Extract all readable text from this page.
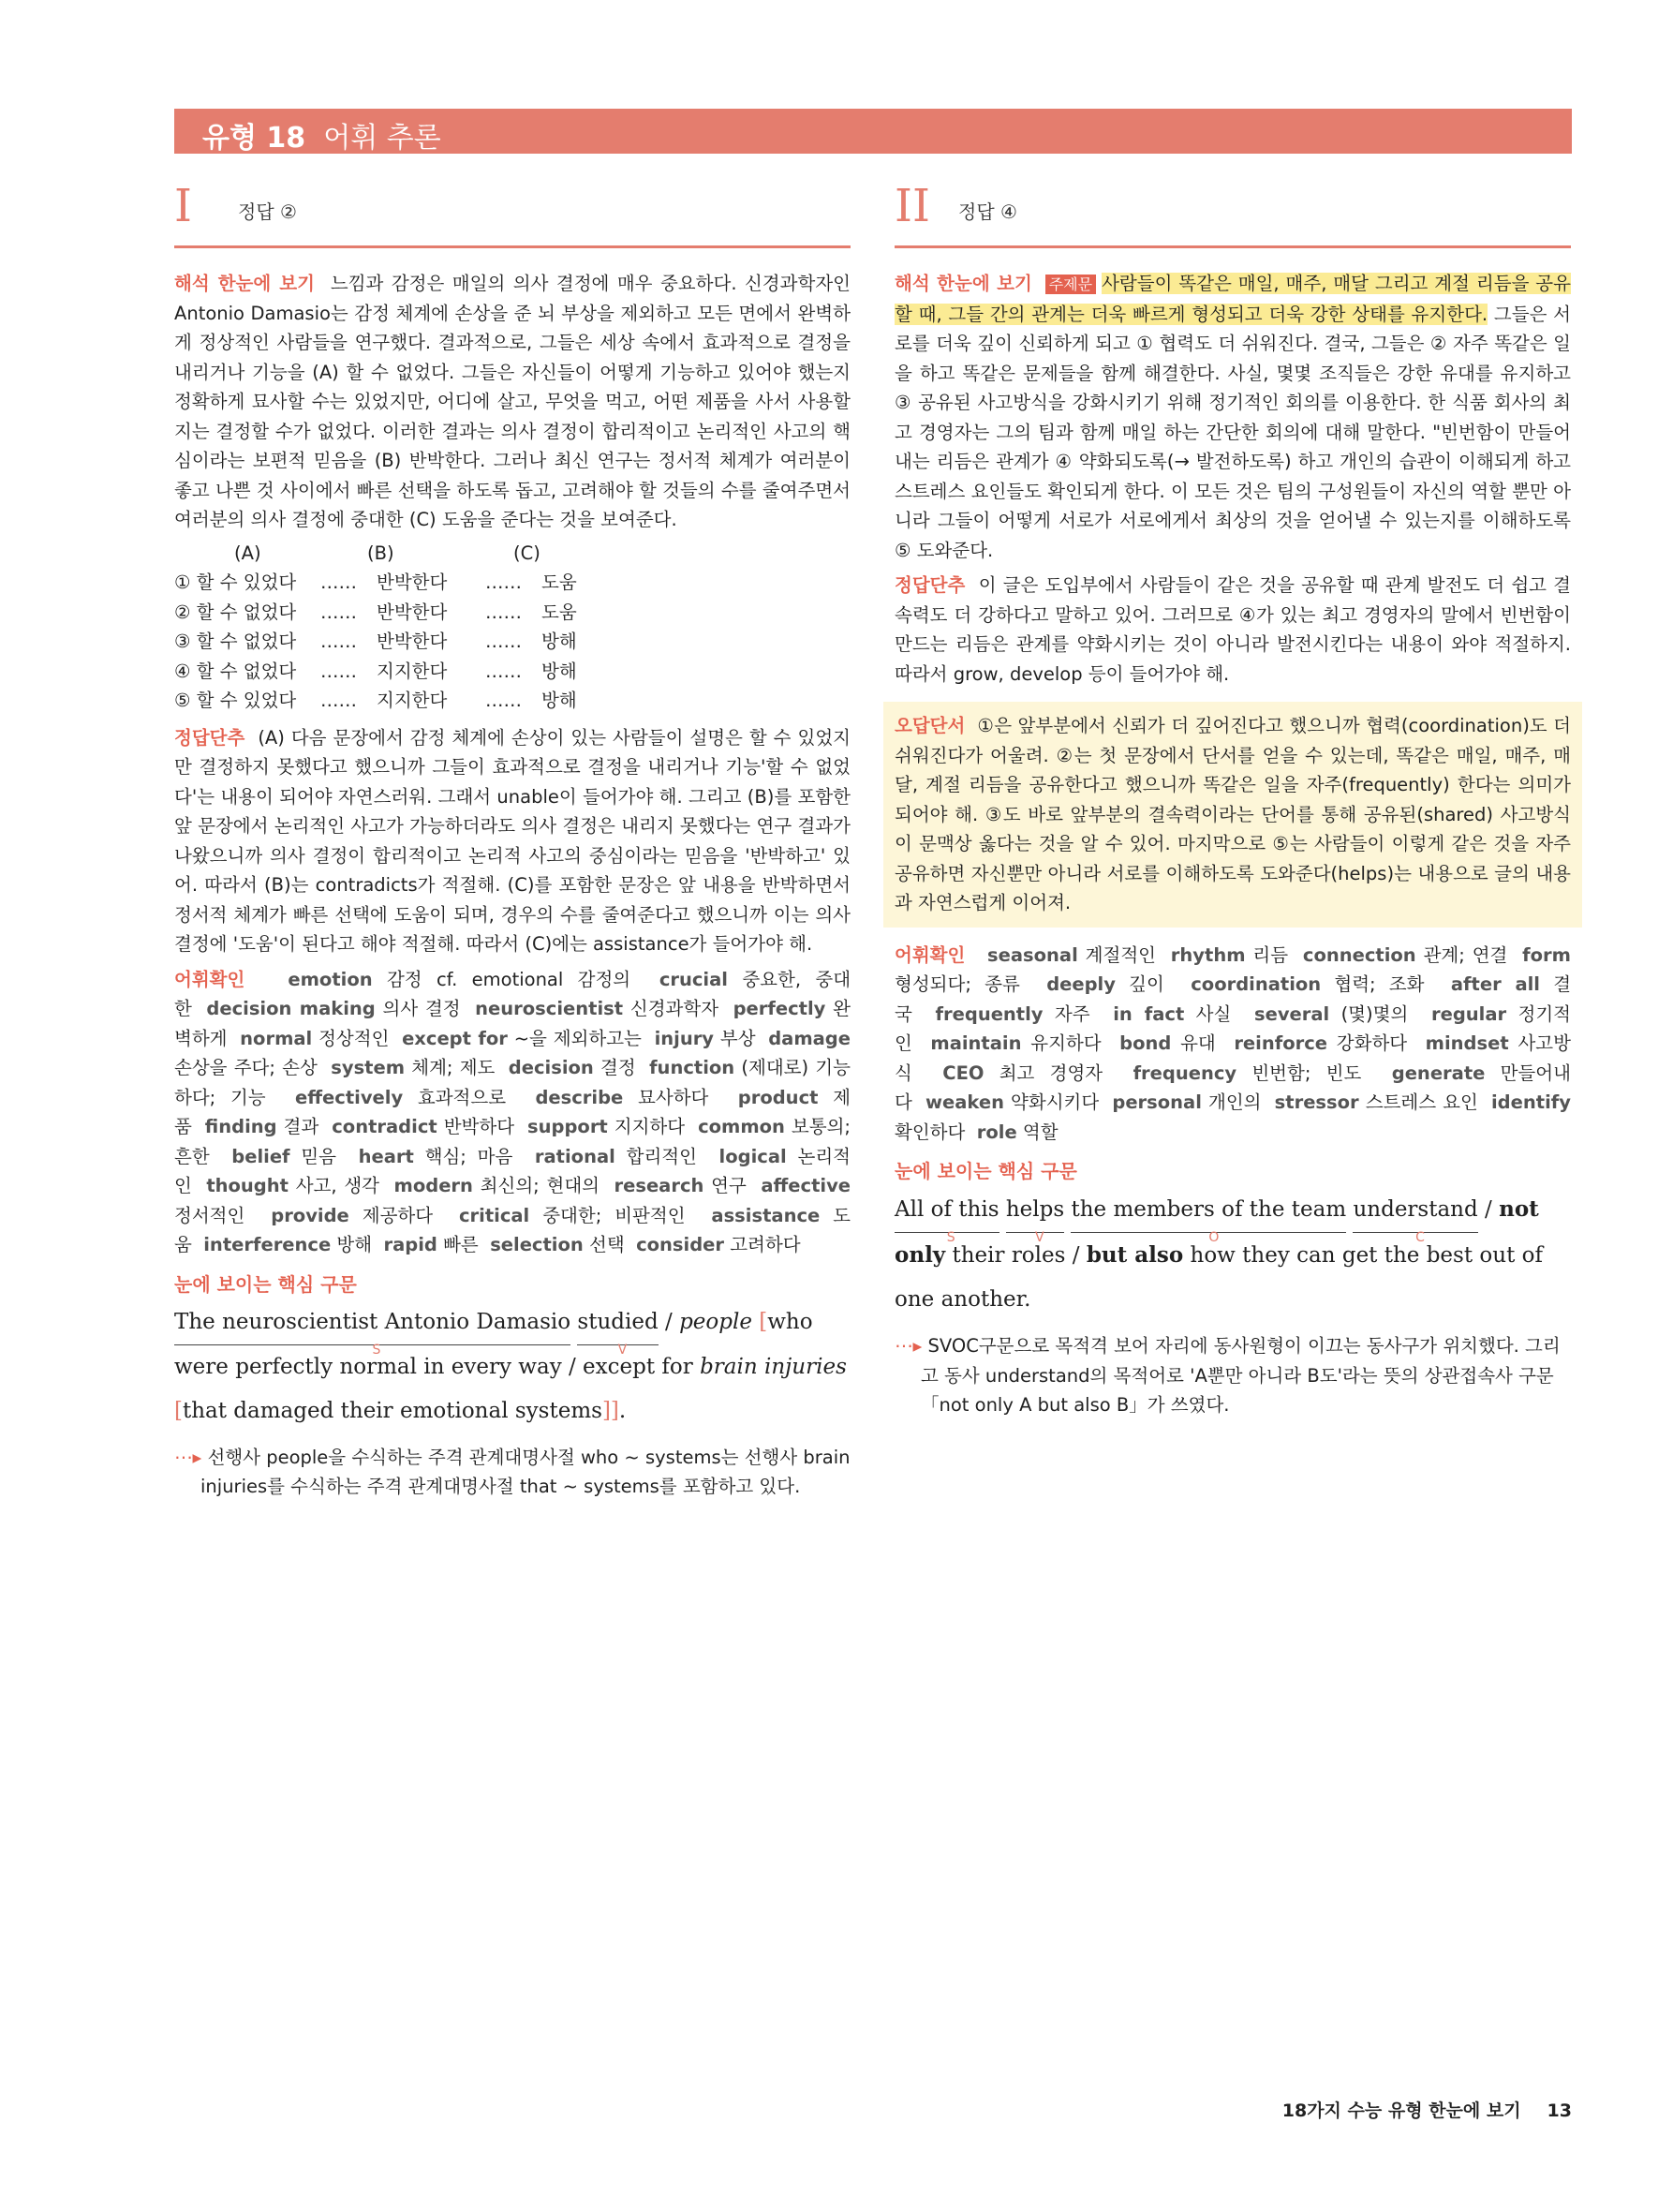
유형 18 어휘 추론
I 정답 ②

해석 한눈에 보기 느낌과 감정은 매일의 의사 결정에 매우 중요하다. 신경과학자인 Antonio Damasio는 감정 체계에 손상을 준 뇌 부상을 제외하고 모든 면에서 완벽하게 정상적인 사람들을 연구했다. 결과적으로, 그들은 세상 속에서 효과적으로 결정을 내리거나 기능을 (A) 할 수 없었다. 그들은 자신들이 어떻게 기능하고 있어야 했는지 정확하게 묘사할 수는 있었지만, 어디에 살고, 무엇을 먹고, 어떤 제품을 사서 사용할지는 결정할 수가 없었다. 이러한 결과는 의사 결정이 합리적이고 논리적인 사고의 핵심이라는 보편적 믿음을 (B) 반박한다. 그러나 최신 연구는 정서적 체계가 여러분이 좋고 나쁜 것 사이에서 빠른 선택을 하도록 돕고, 고려해야 할 것들의 수를 줄여주면서 여러분의 의사 결정에 중대한 (C) 도움을 준다는 것을 보여준다.

(A)	(B)	(C)
① 할 수 있었다	……	반박한다	……	도움
② 할 수 없었다	……	반박한다	……	도움
③ 할 수 없었다	……	반박한다	……	방해
④ 할 수 없었다	……	지지한다	……	방해
⑤ 할 수 있었다	……	지지한다	……	방해

정답단추 (A) 다음 문장에서 감정 체계에 손상이 있는 사람들이 설명은 할 수 있었지만 결정하지 못했다고 했으니까 그들이 효과적으로 결정을 내리거나 기능'할 수 없었다'는 내용이 되어야 자연스러워. 그래서 unable이 들어가야 해. 그리고 (B)를 포함한 앞 문장에서 논리적인 사고가 가능하더라도 의사 결정은 내리지 못했다는 연구 결과가 나왔으니까 의사 결정이 합리적이고 논리적 사고의 중심이라는 믿음을 '반박하고' 있어. 따라서 (B)는 contradicts가 적절해. (C)를 포함한 문장은 앞 내용을 반박하면서 정서적 체계가 빠른 선택에 도움이 되며, 경우의 수를 줄여준다고 했으니까 이는 의사 결정에 '도움'이 된다고 해야 적절해. 따라서 (C)에는 assistance가 들어가야 해.

어휘확인 emotion 감정 cf. emotional 감정의 crucial 중요한, 중대한 decision making 의사 결정 neuroscientist 신경과학자 perfectly 완벽하게 normal 정상적인 except for ~을 제외하고는 injury 부상 damage 손상을 주다; 손상 system 체계; 제도 decision 결정 function (제대로) 기능하다; 기능 effectively 효과적으로 describe 묘사하다 product 제품 finding 결과 contradict 반박하다 support 지지하다 common 보통의; 흔한 belief 믿음 heart 핵심; 마음 rational 합리적인 logical 논리적인 thought 사고, 생각 modern 최신의; 현대의 research 연구 affective 정서적인 provide 제공하다 critical 중대한; 비판적인 assistance 도움 interference 방해 rapid 빠른 selection 선택 consider 고려하다

눈에 보이는 핵심 구문

The neuroscientist Antonio Damasio
S
studied
V
/ people [who were perfectly normal in every way / except for brain injuries [that damaged their emotional systems]].

⋯▸ 선행사 people을 수식하는 주격 관계대명사절 who ~ systems는 선행사 brain injuries를 수식하는 주격 관계대명사절 that ~ systems를 포함하고 있다.

II 정답 ④

해석 한눈에 보기 주제문 사람들이 똑같은 매일, 매주, 매달 그리고 계절 리듬을 공유할 때, 그들 간의 관계는 더욱 빠르게 형성되고 더욱 강한 상태를 유지한다. 그들은 서로를 더욱 깊이 신뢰하게 되고 ① 협력도 더 쉬워진다. 결국, 그들은 ② 자주 똑같은 일을 하고 똑같은 문제들을 함께 해결한다. 사실, 몇몇 조직들은 강한 유대를 유지하고 ③ 공유된 사고방식을 강화시키기 위해 정기적인 회의를 이용한다. 한 식품 회사의 최고 경영자는 그의 팀과 함께 매일 하는 간단한 회의에 대해 말한다. "빈번함이 만들어 내는 리듬은 관계가 ④ 약화되도록(→ 발전하도록) 하고 개인의 습관이 이해되게 하고 스트레스 요인들도 확인되게 한다. 이 모든 것은 팀의 구성원들이 자신의 역할 뿐만 아니라 그들이 어떻게 서로가 서로에게서 최상의 것을 얻어낼 수 있는지를 이해하도록 ⑤ 도와준다.

정답단추 이 글은 도입부에서 사람들이 같은 것을 공유할 때 관계 발전도 더 쉽고 결속력도 더 강하다고 말하고 있어. 그러므로 ④가 있는 최고 경영자의 말에서 빈번함이 만드는 리듬은 관계를 약화시키는 것이 아니라 발전시킨다는 내용이 와야 적절하지. 따라서 grow, develop 등이 들어가야 해.

오답단서 ①은 앞부분에서 신뢰가 더 깊어진다고 했으니까 협력(coordination)도 더 쉬워진다가 어울려. ②는 첫 문장에서 단서를 얻을 수 있는데, 똑같은 매일, 매주, 매달, 계절 리듬을 공유한다고 했으니까 똑같은 일을 자주(frequently) 한다는 의미가 되어야 해. ③도 바로 앞부분의 결속력이라는 단어를 통해 공유된(shared) 사고방식이 문맥상 옳다는 것을 알 수 있어. 마지막으로 ⑤는 사람들이 이렇게 같은 것을 자주 공유하면 자신뿐만 아니라 서로를 이해하도록 도와준다(helps)는 내용으로 글의 내용과 자연스럽게 이어져.

어휘확인 seasonal 계절적인 rhythm 리듬 connection 관계; 연결 form 형성되다; 종류 deeply 깊이 coordination 협력; 조화 after all 결국 frequently 자주 in fact 사실 several (몇)몇의 regular 정기적인 maintain 유지하다 bond 유대 reinforce 강화하다 mindset 사고방식 CEO 최고 경영자 frequency 빈번함; 빈도 generate 만들어내다 weaken 약화시키다 personal 개인의 stressor 스트레스 요인 identify 확인하다 role 역할

눈에 보이는 핵심 구문

All of this
S
helps
V
the members of the team
O
understand
C
/ not only their roles / but also how they can get the best out of one another.

⋯▸ SVOC구문으로 목적격 보어 자리에 동사원형이 이끄는 동사구가 위치했다. 그리고 동사 understand의 목적어로 'A뿐만 아니라 B도'라는 뜻의 상관접속사 구문 「not only A but also B」가 쓰였다.

18가지 수능 유형 한눈에 보기 13
